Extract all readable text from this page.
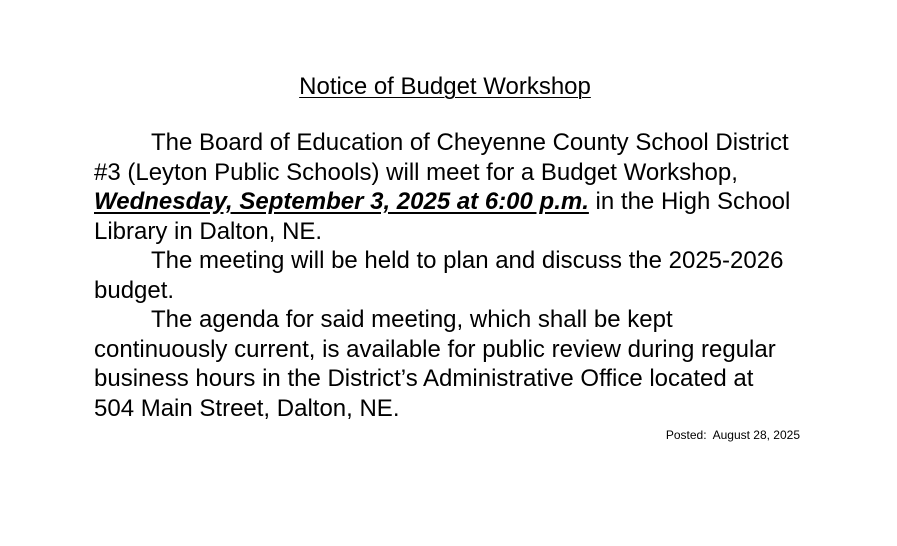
Notice of Budget Workshop

The Board of Education of Cheyenne County School District #3 (Leyton Public Schools) will meet for a Budget Workshop, Wednesday, September 3, 2025 at 6:00 p.m. in the High School Library in Dalton, NE.

The meeting will be held to plan and discuss the 2025-2026 budget.

The agenda for said meeting, which shall be kept continuously current, is available for public review during regular business hours in the District’s Administrative Office located at 504 Main Street, Dalton, NE.

Posted: August 28, 2025
